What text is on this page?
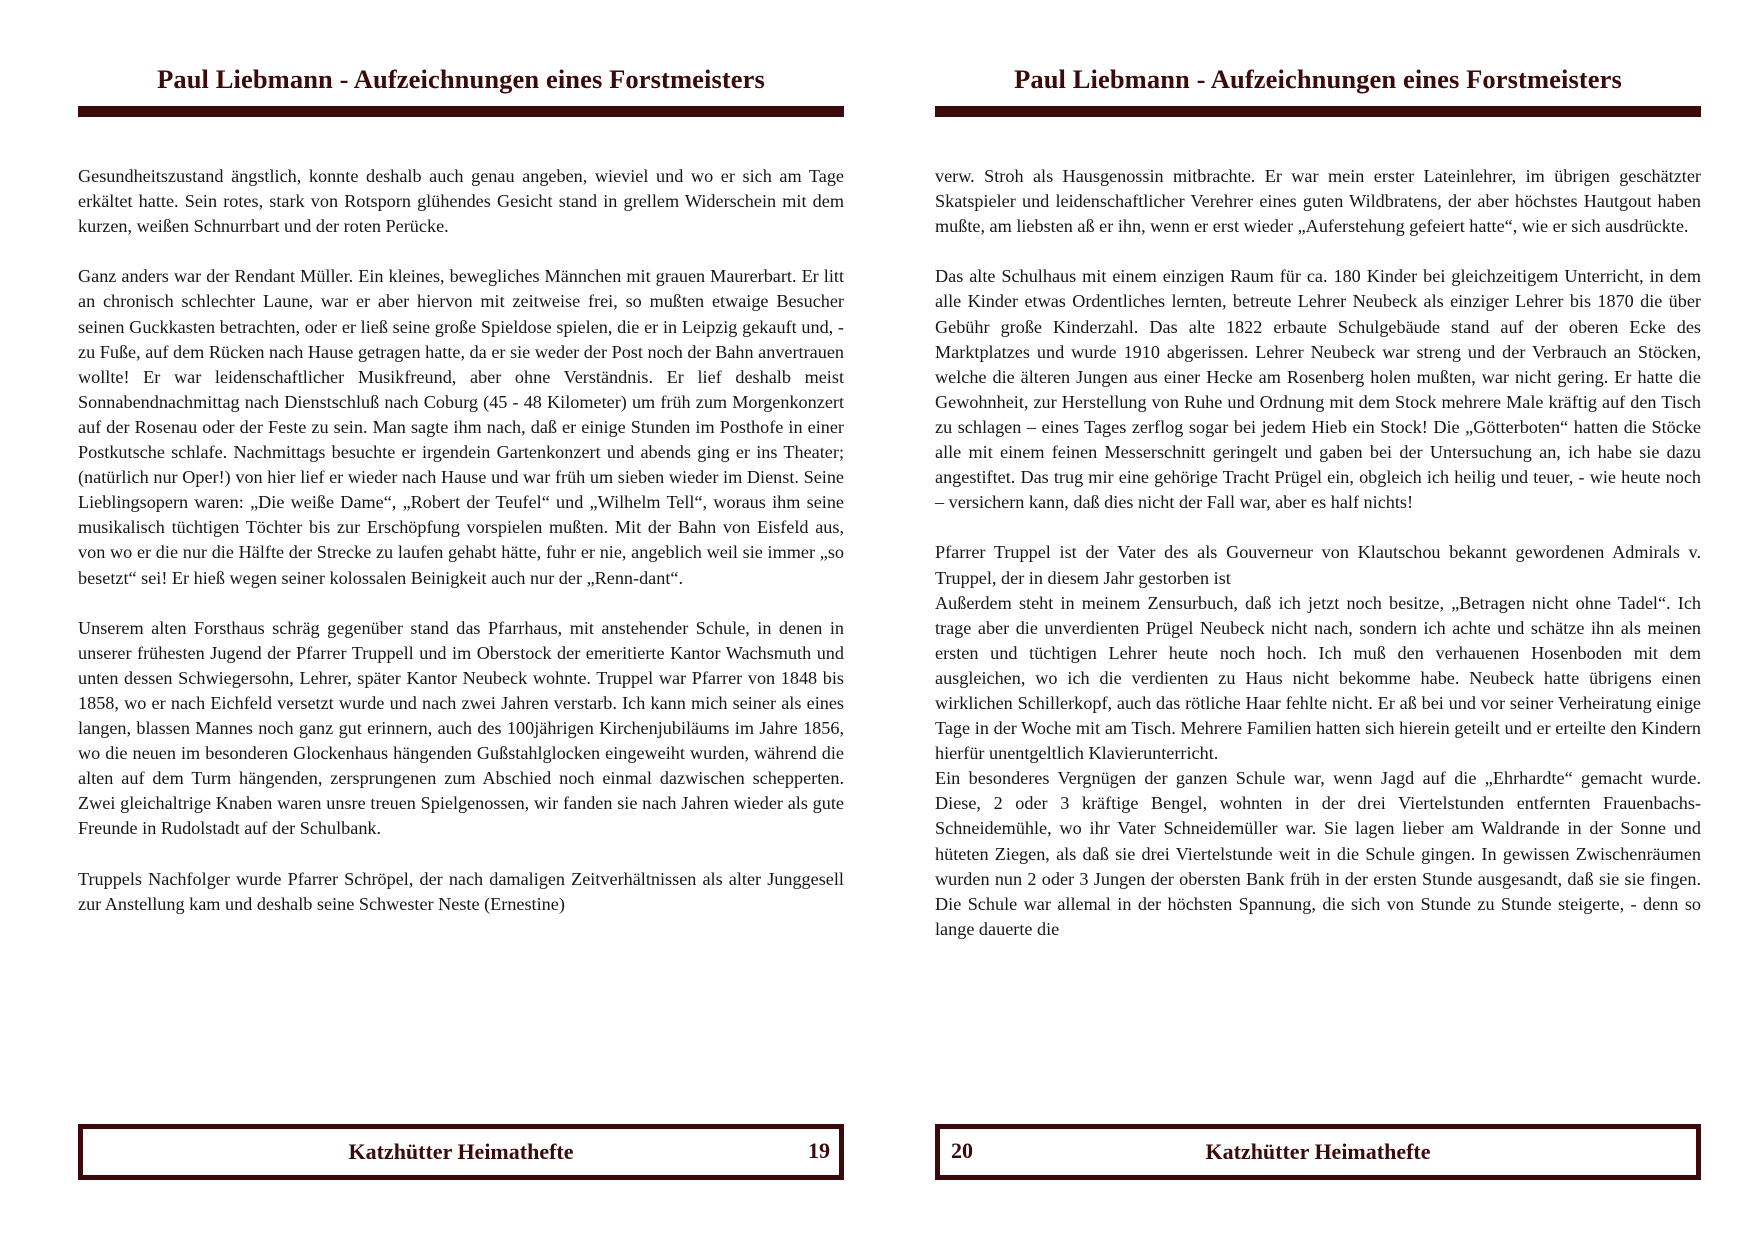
Paul Liebmann - Aufzeichnungen eines Forstmeisters

Gesundheitszustand ängstlich, konnte deshalb auch genau angeben, wieviel und wo er sich am Tage erkältet hatte. Sein rotes, stark von Rotsporn glühendes Gesicht stand in grellem Widerschein mit dem kurzen, weißen Schnurrbart und der roten Perücke.

Ganz anders war der Rendant Müller. Ein kleines, bewegliches Männchen mit grauen Maurerbart. Er litt an chronisch schlechter Laune, war er aber hiervon mit zeitweise frei, so mußten etwaige Besucher seinen Guckkasten betrachten, oder er ließ seine große Spieldose spielen, die er in Leipzig gekauft und, - zu Fuße, auf dem Rücken nach Hause getragen hatte, da er sie weder der Post noch der Bahn anvertrauen wollte! Er war leidenschaftlicher Musikfreund, aber ohne Verständnis. Er lief deshalb meist Sonnabendnachmittag nach Dienstschluß nach Coburg (45 - 48 Kilometer) um früh zum Morgenkonzert auf der Rosenau oder der Feste zu sein. Man sagte ihm nach, daß er einige Stunden im Posthofe in einer Postkutsche schlafe. Nachmittags besuchte er irgendein Gartenkonzert und abends ging er ins Theater; (natürlich nur Oper!) von hier lief er wieder nach Hause und war früh um sieben wieder im Dienst. Seine Lieblingsopern waren: „Die weiße Dame“, „Robert der Teufel“ und „Wilhelm Tell“, woraus ihm seine musikalisch tüchtigen Töchter bis zur Erschöpfung vorspielen mußten. Mit der Bahn von Eisfeld aus, von wo er die nur die Hälfte der Strecke zu laufen gehabt hätte, fuhr er nie, angeblich weil sie immer „so besetzt“ sei! Er hieß wegen seiner kolossalen Beinigkeit auch nur der „Renn-dant“.

Unserem alten Forsthaus schräg gegenüber stand das Pfarrhaus, mit anstehender Schule, in denen in unserer frühesten Jugend der Pfarrer Truppell und im Oberstock der emeritierte Kantor Wachsmuth und unten dessen Schwiegersohn, Lehrer, später Kantor Neubeck wohnte. Truppel war Pfarrer von 1848 bis 1858, wo er nach Eichfeld versetzt wurde und nach zwei Jahren verstarb. Ich kann mich seiner als eines langen, blassen Mannes noch ganz gut erinnern, auch des 100jährigen Kirchenjubiläums im Jahre 1856, wo die neuen im besonderen Glockenhaus hängenden Gußstahlglocken eingeweiht wurden, während die alten auf dem Turm hängenden, zersprungenen zum Abschied noch einmal dazwischen schepperten. Zwei gleichaltrige Knaben waren unsre treuen Spielgenossen, wir fanden sie nach Jahren wieder als gute Freunde in Rudolstadt auf der Schulbank.

Truppels Nachfolger wurde Pfarrer Schröpel, der nach damaligen Zeitverhältnissen als alter Junggesell zur Anstellung kam und deshalb seine Schwester Neste (Ernestine)

Katzhütter Heimathefte	19
Paul Liebmann - Aufzeichnungen eines Forstmeisters

verw. Stroh als Hausgenossin mitbrachte. Er war mein erster Lateinlehrer, im übrigen geschätzter Skatspieler und leidenschaftlicher Verehrer eines guten Wildbratens, der aber höchstes Hautgout haben mußte, am liebsten aß er ihn, wenn er erst wieder „Auferstehung gefeiert hatte“, wie er sich ausdrückte.

Das alte Schulhaus mit einem einzigen Raum für ca. 180 Kinder bei gleichzeitigem Unterricht, in dem alle Kinder etwas Ordentliches lernten, betreute Lehrer Neubeck als einziger Lehrer bis 1870 die über Gebühr große Kinderzahl. Das alte 1822 erbaute Schulgebäude stand auf der oberen Ecke des Marktplatzes und wurde 1910 abgerissen. Lehrer Neubeck war streng und der Verbrauch an Stöcken, welche die älteren Jungen aus einer Hecke am Rosenberg holen mußten, war nicht gering. Er hatte die Gewohnheit, zur Herstellung von Ruhe und Ordnung mit dem Stock mehrere Male kräftig auf den Tisch zu schlagen – eines Tages zerflog sogar bei jedem Hieb ein Stock! Die „Götterboten“ hatten die Stöcke alle mit einem feinen Messerschnitt geringelt und gaben bei der Untersuchung an, ich habe sie dazu angestiftet. Das trug mir eine gehörige Tracht Prügel ein, obgleich ich heilig und teuer, - wie heute noch – versichern kann, daß dies nicht der Fall war, aber es half nichts!

Pfarrer Truppel ist der Vater des als Gouverneur von Klautschou bekannt gewordenen Admirals v. Truppel, der in diesem Jahr gestorben ist

Außerdem steht in meinem Zensurbuch, daß ich jetzt noch besitze, „Betragen nicht ohne Tadel“. Ich trage aber die unverdienten Prügel Neubeck nicht nach, sondern ich achte und schätze ihn als meinen ersten und tüchtigen Lehrer heute noch hoch. Ich muß den verhauenen Hosenboden mit dem ausgleichen, wo ich die verdienten zu Haus nicht bekomme habe. Neubeck hatte übrigens einen wirklichen Schillerkopf, auch das rötliche Haar fehlte nicht. Er aß bei und vor seiner Verheiratung einige Tage in der Woche mit am Tisch. Mehrere Familien hatten sich hierein geteilt und er erteilte den Kindern hierfür unentgeltlich Klavierunterricht.

Ein besonderes Vergnügen der ganzen Schule war, wenn Jagd auf die „Ehrhardte“ gemacht wurde. Diese, 2 oder 3 kräftige Bengel, wohnten in der drei Viertelstunden entfernten Frauenbachs-Schneidemühle, wo ihr Vater Schneidemüller war. Sie lagen lieber am Waldrande in der Sonne und hüteten Ziegen, als daß sie drei Viertelstunde weit in die Schule gingen. In gewissen Zwischenräumen wurden nun 2 oder 3 Jungen der obersten Bank früh in der ersten Stunde ausgesandt, daß sie sie fingen. Die Schule war allemal in der höchsten Spannung, die sich von Stunde zu Stunde steigerte, - denn so lange dauerte die

20	Katzhütter Heimathefte
